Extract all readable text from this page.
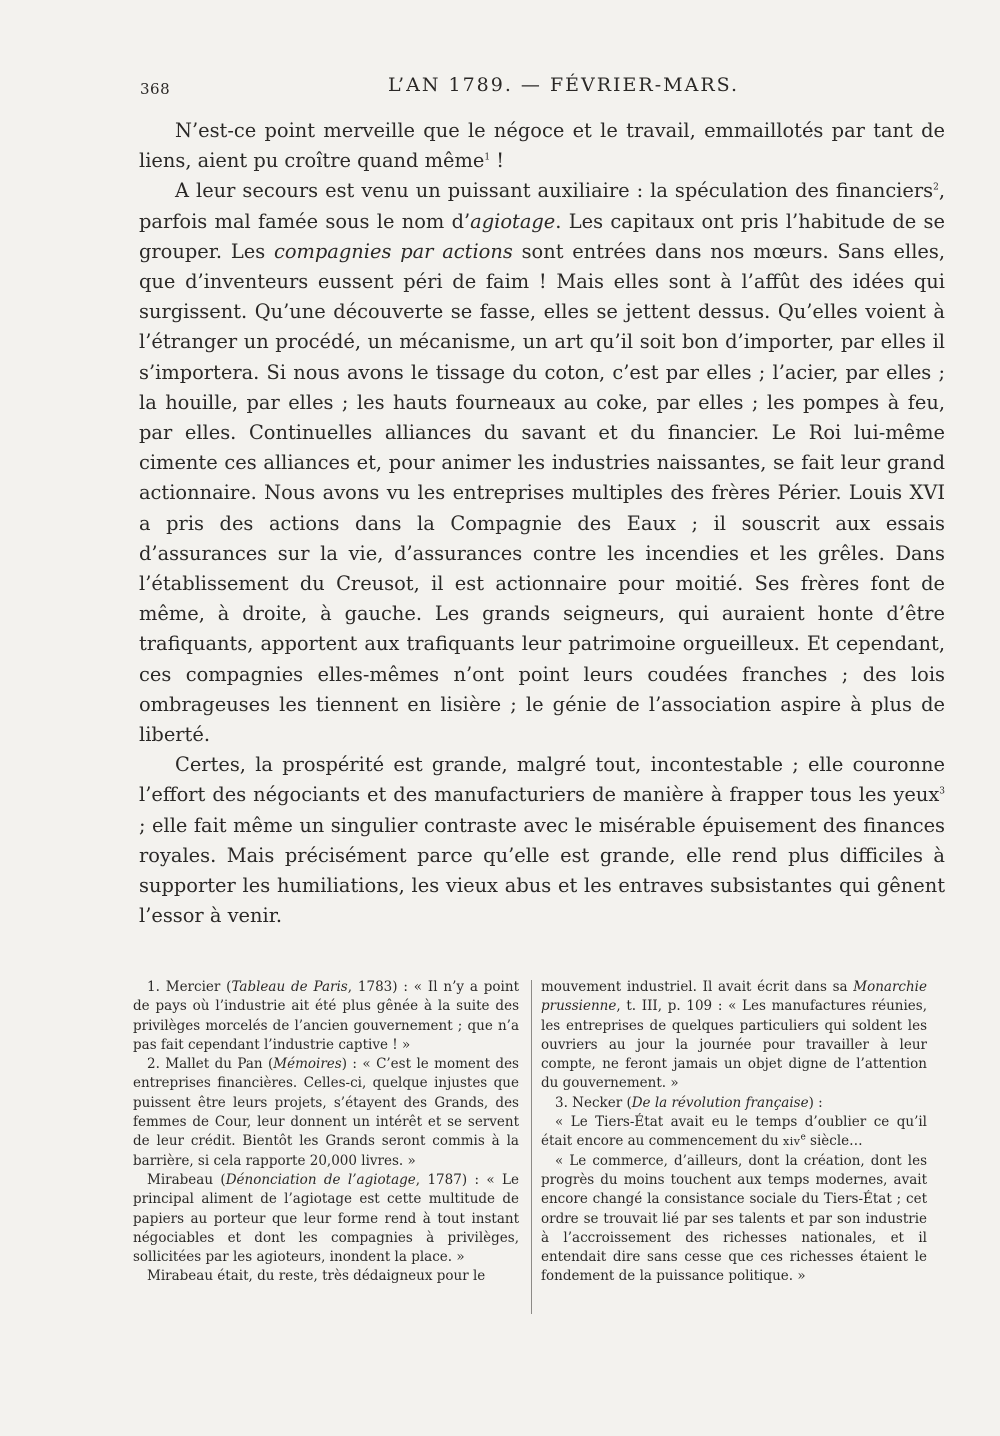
368	L’AN 1789. — FÉVRIER-MARS.

N’est-ce point merveille que le négoce et le travail, emmaillotés par tant de liens, aient pu croître quand même$^1$ !

A leur secours est venu un puissant auxiliaire : la spéculation des financiers$^2$, parfois mal famée sous le nom d’agiotage. Les capitaux ont pris l’habitude de se grouper. Les compagnies par actions sont entrées dans nos mœurs. Sans elles, que d’inventeurs eussent péri de faim ! Mais elles sont à l’affût des idées qui surgissent. Qu’une découverte se fasse, elles se jettent dessus. Qu’elles voient à l’étranger un procédé, un mécanisme, un art qu’il soit bon d’importer, par elles il s’importera. Si nous avons le tissage du coton, c’est par elles ; l’acier, par elles ; la houille, par elles ; les hauts fourneaux au coke, par elles ; les pompes à feu, par elles. Continuelles alliances du savant et du financier. Le Roi lui-même cimente ces alliances et, pour animer les industries naissantes, se fait leur grand actionnaire. Nous avons vu les entreprises multiples des frères Périer. Louis XVI a pris des actions dans la Compagnie des Eaux ; il souscrit aux essais d’assurances sur la vie, d’assurances contre les incendies et les grêles. Dans l’établissement du Creusot, il est actionnaire pour moitié. Ses frères font de même, à droite, à gauche. Les grands seigneurs, qui auraient honte d’être trafiquants, apportent aux trafiquants leur patrimoine orgueilleux. Et cependant, ces compagnies elles-mêmes n’ont point leurs coudées franches ; des lois ombrageuses les tiennent en lisière ; le génie de l’association aspire à plus de liberté.

Certes, la prospérité est grande, malgré tout, incontestable ; elle couronne l’effort des négociants et des manufacturiers de manière à frapper tous les yeux$^3$ ; elle fait même un singulier contraste avec le misérable épuisement des finances royales. Mais précisément parce qu’elle est grande, elle rend plus difficiles à supporter les humiliations, les vieux abus et les entraves subsistantes qui gênent l’essor à venir.

1. Mercier (Tableau de Paris, 1783) : « Il n’y a point de pays où l’industrie ait été plus gênée à la suite des privilèges morcelés de l’ancien gouvernement ; que n’a pas fait cependant l’industrie captive ! »

2. Mallet du Pan (Mémoires) : « C’est le moment des entreprises financières. Celles-ci, quelque injustes que puissent être leurs projets, s’étayent des Grands, des femmes de Cour, leur donnent un intérêt et se servent de leur crédit. Bientôt les Grands seront commis à la barrière, si cela rapporte 20,000 livres. »

Mirabeau (Dénonciation de l’agiotage, 1787) : « Le principal aliment de l’agiotage est cette multitude de papiers au porteur que leur forme rend à tout instant négociables et dont les compagnies à privilèges, sollicitées par les agioteurs, inondent la place. »

Mirabeau était, du reste, très dédaigneux pour le

mouvement industriel. Il avait écrit dans sa Monarchie prussienne, t. III, p. 109 : « Les manufactures réunies, les entreprises de quelques particuliers qui soldent les ouvriers au jour la journée pour travailler à leur compte, ne feront jamais un objet digne de l’attention du gouvernement. »

3. Necker (De la révolution française) :

« Le Tiers-État avait eu le temps d’oublier ce qu’il était encore au commencement du xiv$^e$ siècle…

« Le commerce, d’ailleurs, dont la création, dont les progrès du moins touchent aux temps modernes, avait encore changé la consistance sociale du Tiers-État ; cet ordre se trouvait lié par ses talents et par son industrie à l’accroissement des richesses nationales, et il entendait dire sans cesse que ces richesses étaient le fondement de la puissance politique. »
